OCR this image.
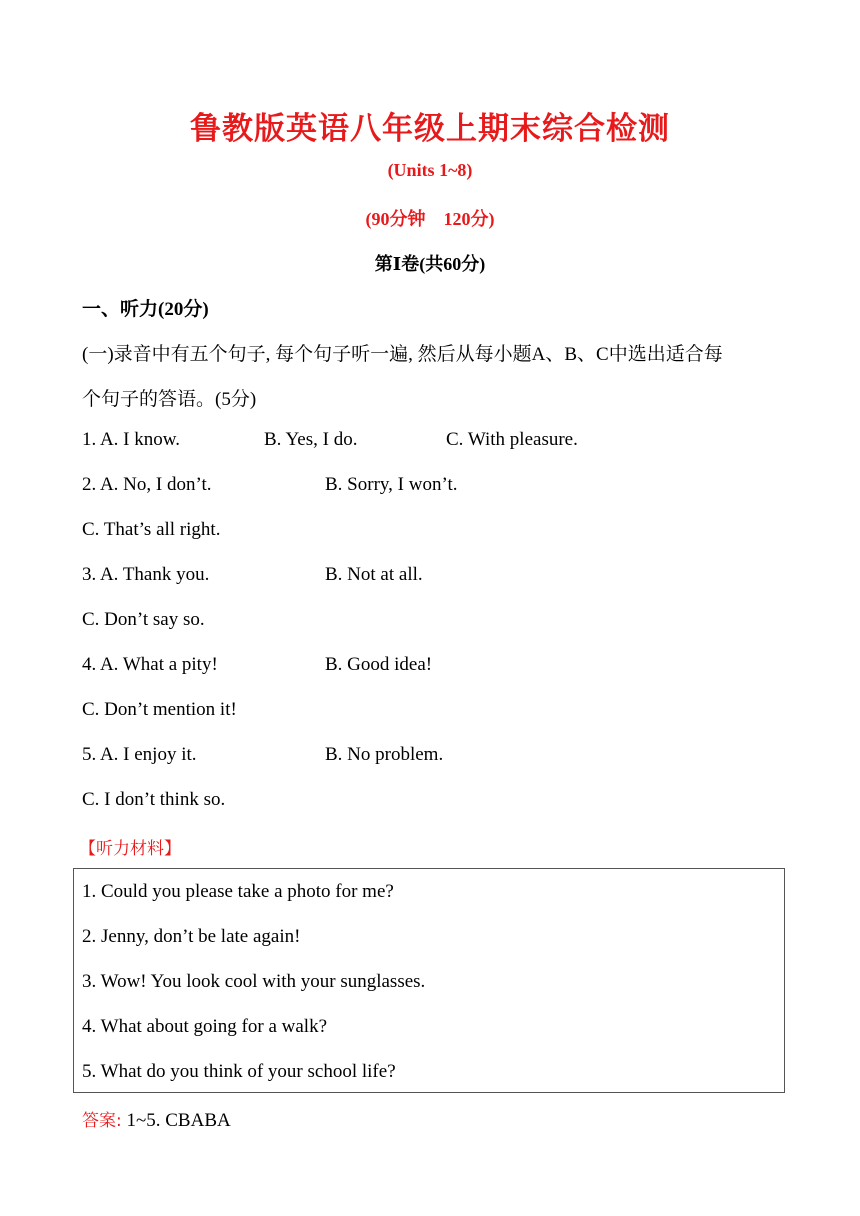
鲁教版英语八年级上期末综合检测
(Units 1~8)
(90分钟    120分)
第Ⅰ卷(共60分)
一、听力(20分)
(一)录音中有五个句子, 每个句子听一遍, 然后从每小题A、B、C中选出适合每
个句子的答语。(5分)
1. A. I know.	B. Yes, I do.	C. With pleasure.
2. A. No, I don’t.	B. Sorry, I won’t.
C. That’s all right.
3. A. Thank you.	B. Not at all.
C. Don’t say so.
4. A. What a pity!	B. Good idea!
C. Don’t mention it!
5. A. I enjoy it.	B. No problem.
C. I don’t think so.
【听力材料】
1. Could you please take a photo for me?
2. Jenny, don’t be late again!
3. Wow! You look cool with your sunglasses.
4. What about going for a walk?
5. What do you think of your school life?
答案: 1~5. CBABA
